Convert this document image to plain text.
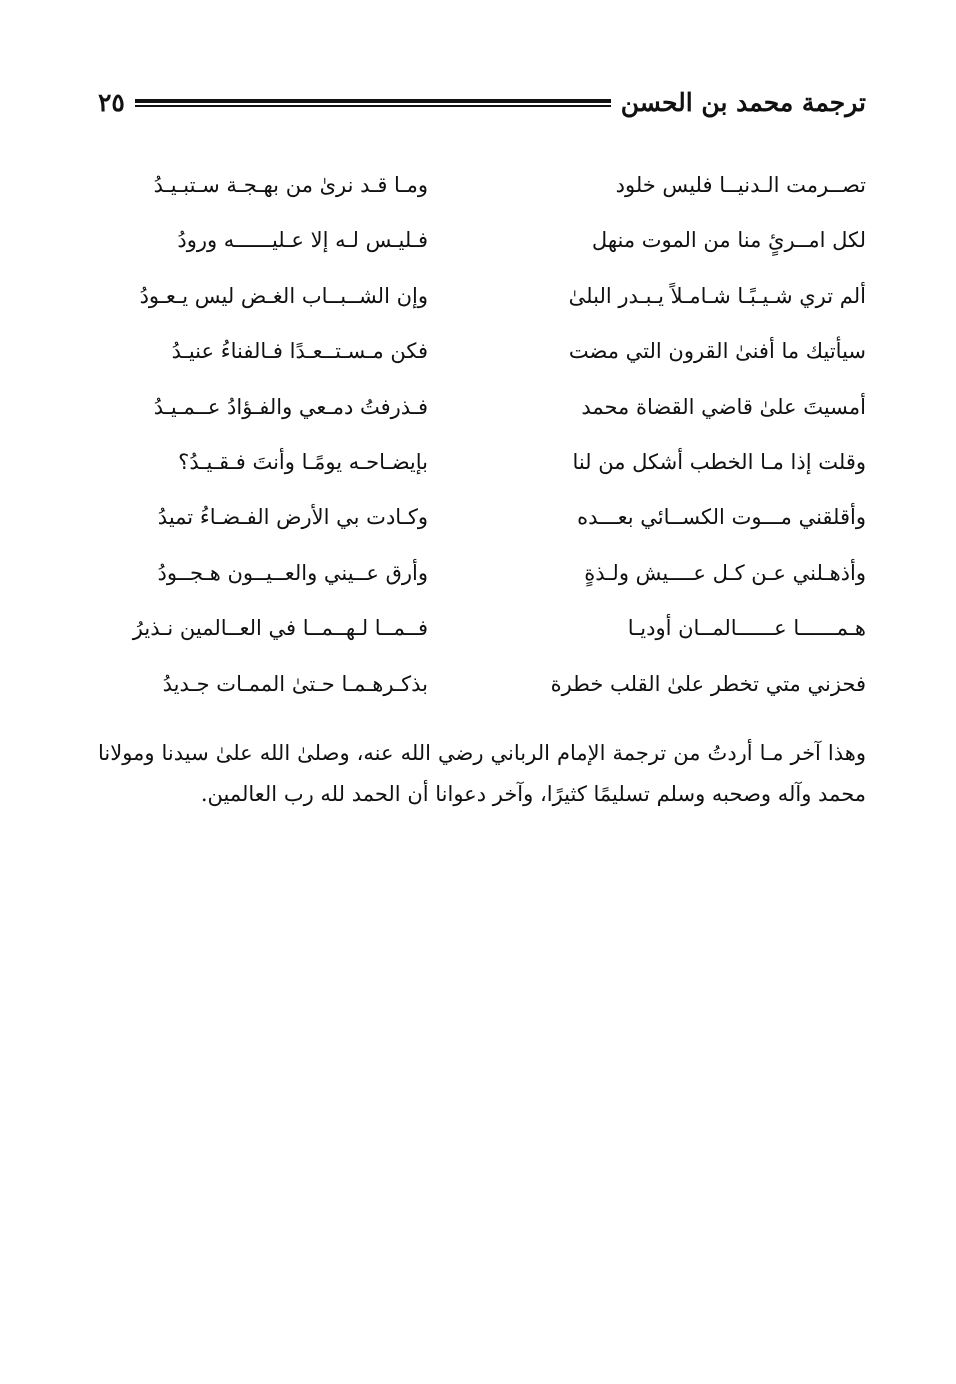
ترجمة محمد بن الحسن
٢٥
تصــرمت الـدنيــا فليس خلود
ومـا قـد نرىٰ من بهـجـة سـتبـيـدُ
لكل امــرئٍ منا من الموت منهل
فـليـس لـه إلا عـليــــــه ورودُ
ألم تري شـيـبًـا شـامـلاً يـبـدر البلىٰ
وإن الشــبــاب الغـض ليس يـعـودُ
سيأتيك ما أفنىٰ القرون التي مضت
فكن مـسـتــعـدًا فـالفناءُ عنيـدُ
أمسيتَ علىٰ قاضي القضاة محمد
فـذرفتُ دمـعي والفـؤادُ عــمـيـدُ
وقلت إذا مـا الخطب أشكل من لنا
بإيضـاحـه يومًـا وأنتَ فـقـيـدُ؟
وأقلقني مـــوت الكســائي بعـــده
وكـادت بي الأرض الفـضـاءُ تميدُ
وأذهـلني عـن كـل عــــيش ولـذةٍ
وأرق عــيني والعــيــون هـجــودُ
هـمــــــا عــــــالمــان أوديـا
فــمــا لـهــمــا في العــالمين نـذيرُ
فحزني متي تخطر علىٰ القلب خطرة
بذكـرهـمـا حـتىٰ الممـات جـديدُ

وهذا آخر مـا أردتُ من ترجمة الإمام الرباني رضي الله عنه، وصلىٰ الله علىٰ سيدنا ومولانا محمد وآله وصحبه وسلم تسليمًا كثيرًا، وآخر دعوانا أن الحمد لله رب العالمين.
